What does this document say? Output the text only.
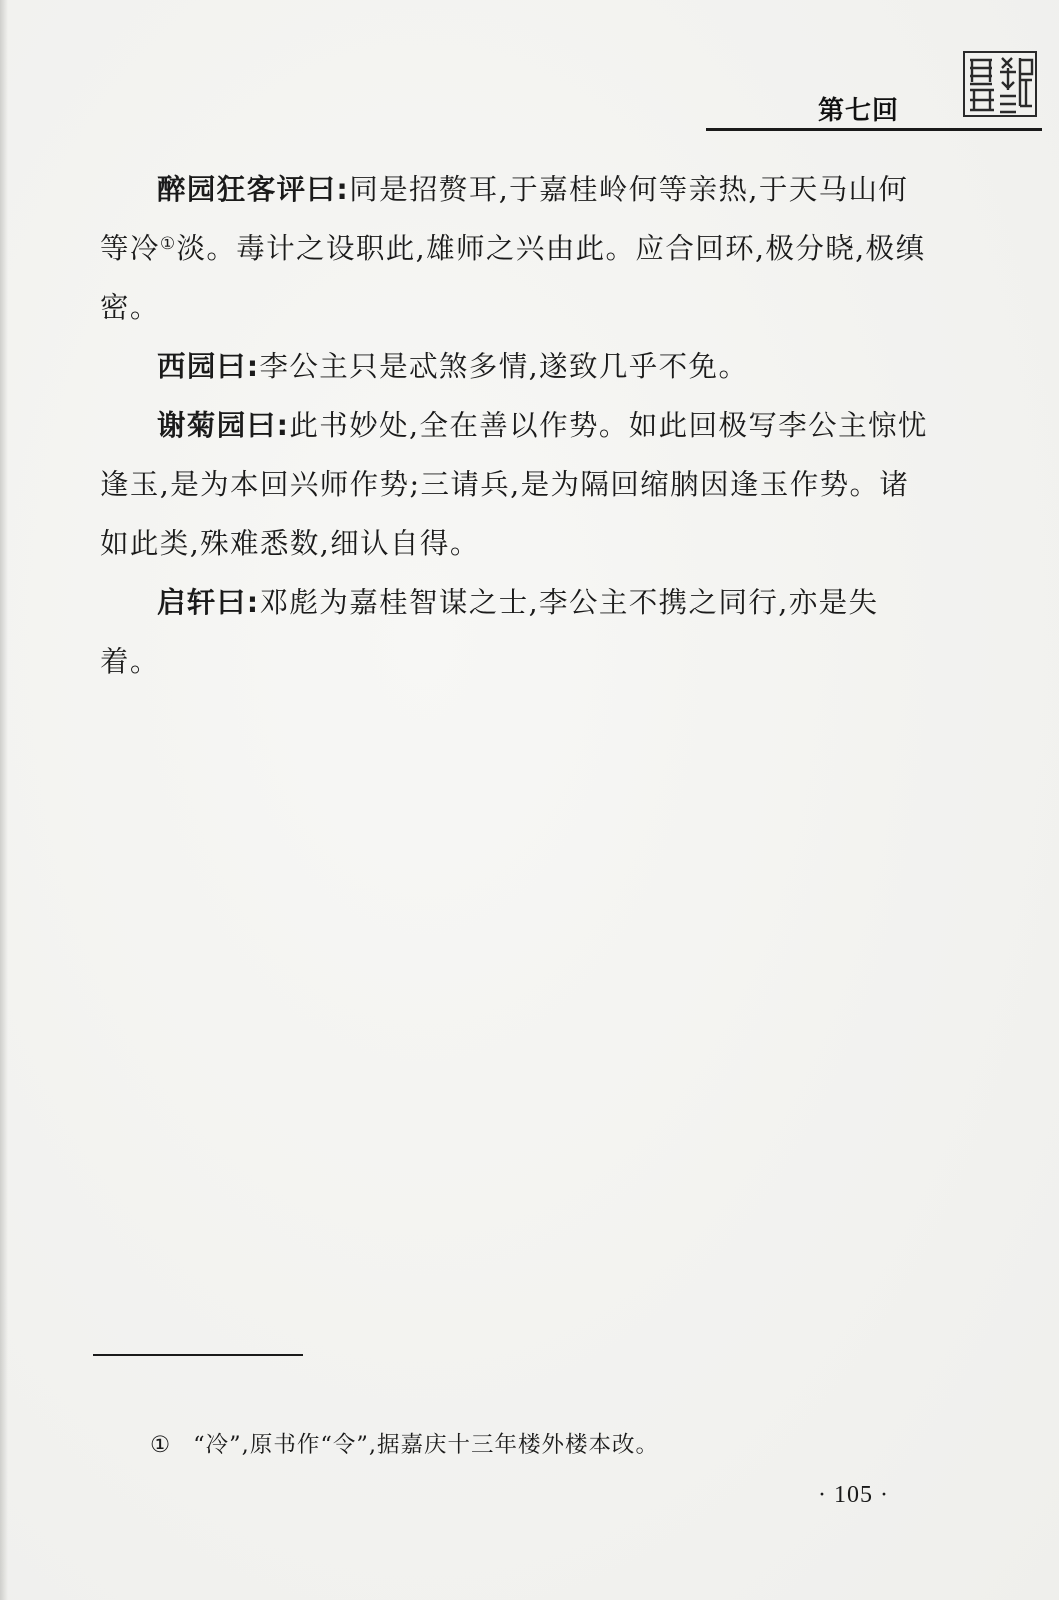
第七回

醉园狂客评曰:同是招赘耳,于嘉桂岭何等亲热,于天马山何等冷①淡。毒计之设职此,雄师之兴由此。应合回环,极分晓,极缜密。

西园曰:李公主只是忒煞多情,遂致几乎不免。

谢菊园曰:此书妙处,全在善以作势。如此回极写李公主惊忧逢玉,是为本回兴师作势;三请兵,是为隔回缩朒因逢玉作势。诸如此类,殊难悉数,细认自得。

启轩曰:邓彪为嘉桂智谋之士,李公主不携之同行,亦是失着。

① “冷”,原书作“令”,据嘉庆十三年楼外楼本改。
· 105 ·
